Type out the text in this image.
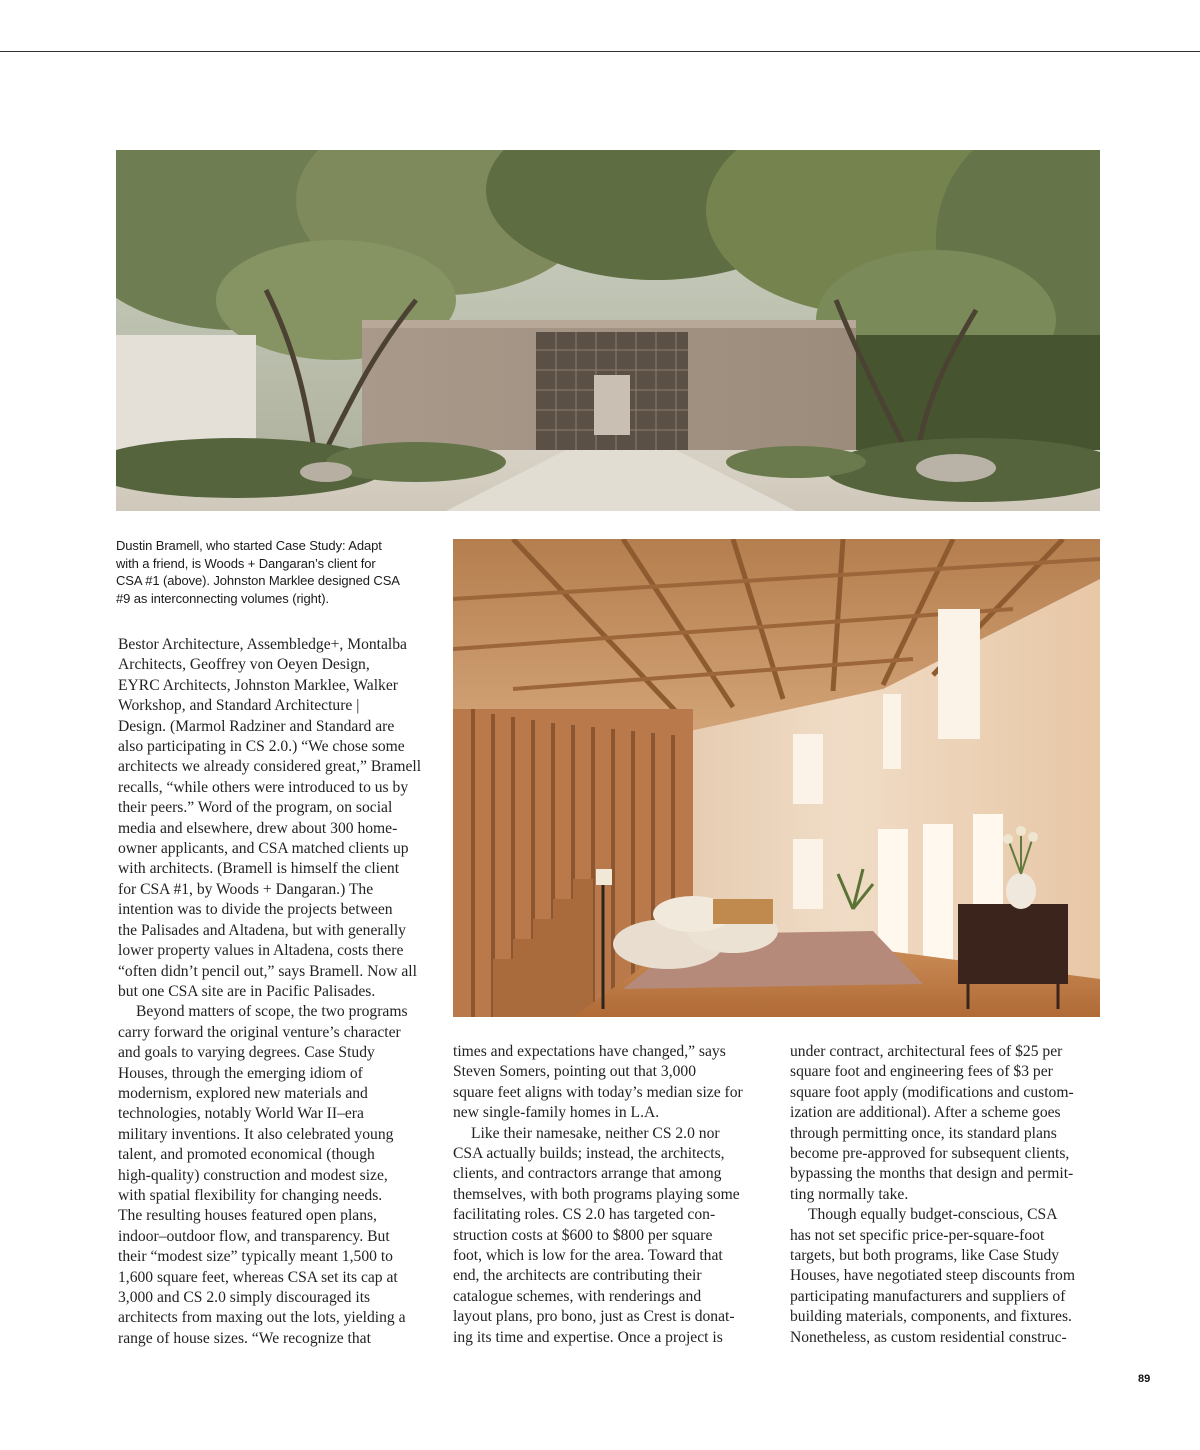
Dustin Bramell, who started Case Study: Adapt
with a friend, is Woods + Dangaran’s client for
CSA #1 (above). Johnston Marklee designed CSA
#9 as interconnecting volumes (right).

Bestor Architecture, Assembledge+, Montalba
Architects, Geoffrey von Oeyen Design,
EYRC Architects, Johnston Marklee, Walker
Workshop, and Standard Architecture |
Design. (Marmol Radziner and Standard are
also participating in CS 2.0.) “We chose some
architects we already considered great,” Bramell
recalls, “while others were introduced to us by
their peers.” Word of the program, on social
media and elsewhere, drew about 300 home-
owner applicants, and CSA matched clients up
with architects. (Bramell is himself the client
for CSA #1, by Woods + Dangaran.) The
intention was to divide the projects between
the Palisades and Altadena, but with generally
lower property values in Altadena, costs there
“often didn’t pencil out,” says Bramell. Now all
but one CSA site are in Pacific Palisades.

Beyond matters of scope, the two programs
carry forward the original venture’s character
and goals to varying degrees. Case Study
Houses, through the emerging idiom of
modernism, explored new materials and
technologies, notably World War II–era
military inventions. It also celebrated young
talent, and promoted economical (though
high-quality) construction and modest size,
with spatial flexibility for changing needs.
The resulting houses featured open plans,
indoor–outdoor flow, and transparency. But
their “modest size” typically meant 1,500 to
1,600 square feet, whereas CSA set its cap at
3,000 and CS 2.0 simply discouraged its
architects from maxing out the lots, yielding a
range of house sizes. “We recognize that

times and expectations have changed,” says
Steven Somers, pointing out that 3,000
square feet aligns with today’s median size for
new single-family homes in L.A.

Like their namesake, neither CS 2.0 nor
CSA actually builds; instead, the architects,
clients, and contractors arrange that among
themselves, with both programs playing some
facilitating roles. CS 2.0 has targeted con-
struction costs at $600 to $800 per square
foot, which is low for the area. Toward that
end, the architects are contributing their
catalogue schemes, with renderings and
layout plans, pro bono, just as Crest is donat-
ing its time and expertise. Once a project is

under contract, architectural fees of $25 per
square foot and engineering fees of $3 per
square foot apply (modifications and custom-
ization are additional). After a scheme goes
through permitting once, its standard plans
become pre-approved for subsequent clients,
bypassing the months that design and permit-
ting normally take.

Though equally budget-conscious, CSA
has not set specific price-per-square-foot
targets, but both programs, like Case Study
Houses, have negotiated steep discounts from
participating manufacturers and suppliers of
building materials, components, and fixtures.
Nonetheless, as custom residential construc-

89
